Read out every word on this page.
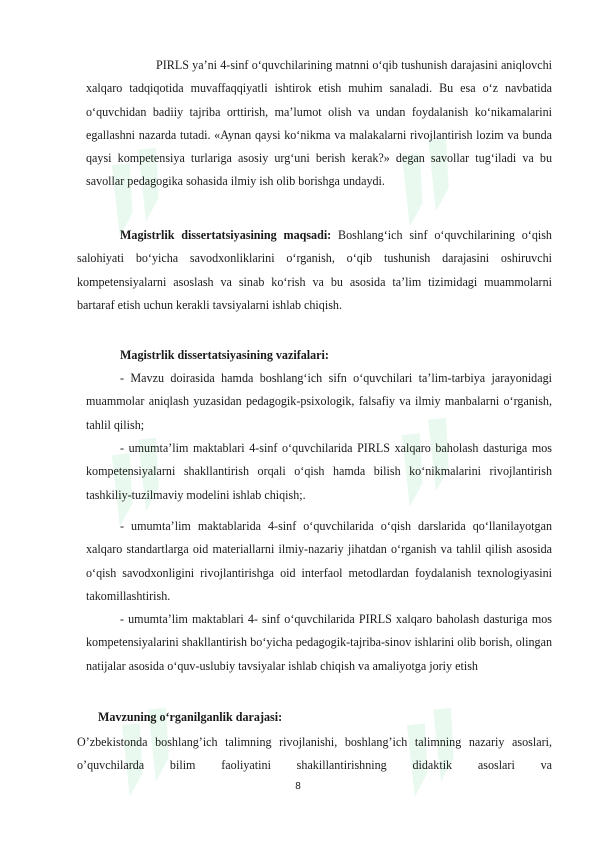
PIRLS ya’ni 4-sinf o‘quvchilarining matnni o‘qib tushunish darajasini aniqlovchi xalqaro tadqiqotida muvaffaqqiyatli ishtirok etish muhim sanaladi. Bu esa o‘z navbatida o‘quvchidan badiiy tajriba orttirish, ma’lumot olish va undan foydalanish ko‘nikamalarini egallashni nazarda tutadi. «Aynan qaysi ko‘nikma va malakalarni rivojlantirish lozim va bunda qaysi kompetensiya turlariga asosiy urg‘uni berish kerak?» degan savollar tug‘iladi va bu savollar pedagogika sohasida ilmiy ish olib borishga undaydi.

Magistrlik dissertatsiyasining maqsadi: Boshlang‘ich sinf o‘quvchilarining o‘qish salohiyati bo‘yicha savodxonliklarini o‘rganish, o‘qib tushunish darajasini oshiruvchi kompetensiyalarni asoslash va sinab ko‘rish va bu asosida ta’lim tizimidagi muammolarni bartaraf etish uchun kerakli tavsiyalarni ishlab chiqish.

Magistrlik dissertatsiyasining vazifalari:

- Mavzu doirasida hamda boshlang‘ich sifn o‘quvchilari ta’lim-tarbiya jarayonidagi muammolar aniqlash yuzasidan pedagogik-psixologik, falsafiy va ilmiy manbalarni o‘rganish, tahlil qilish;

- umumta’lim maktablari 4-sinf o‘quvchilarida PIRLS xalqaro baholash dasturiga mos kompetensiyalarni shakllantirish orqali o‘qish hamda bilish ko‘nikmalarini rivojlantirish tashkiliy-tuzilmaviy modelini ishlab chiqish;.

- umumta’lim maktablarida 4-sinf o‘quvchilarida o‘qish darslarida qo‘llanilayotgan xalqaro standartlarga oid materiallarni ilmiy-nazariy jihatdan o‘rganish va tahlil qilish asosida o‘qish savodxonligini rivojlantirishga oid interfaol metodlardan foydalanish texnologiyasini takomillashtirish.

- umumta’lim maktablari 4- sinf o‘quvchilarida PIRLS xalqaro baholash dasturiga mos kompetensiyalarini shakllantirish bo‘yicha pedagogik-tajriba-sinov ishlarini olib borish, olingan natijalar asosida o‘quv-uslubiy tavsiyalar ishlab chiqish va amaliyotga joriy etish

Mavzuning o‘rganilganlik darajasi:

O’zbekistonda boshlang’ich talimning rivojlanishi, boshlang’ich talimning nazariy asoslari, o’quvchilarda bilim faoliyatini shakillantirishning didaktik asoslari va

8
